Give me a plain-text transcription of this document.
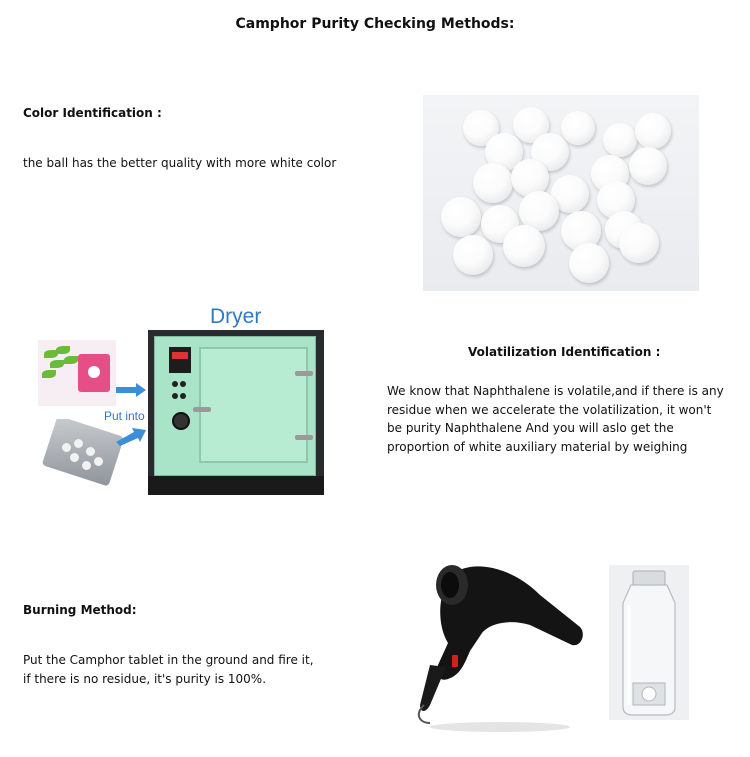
Camphor Purity Checking Methods:
Color Identification :
the ball has the better quality with more white color
Dryer
Put into
Volatilization Identification :
We know that Naphthalene is volatile,and if there is any
residue when we accelerate the volatilization, it won't
be purity Naphthalene And you will aslo get the
proportion of white auxiliary material by weighing
Burning Method:
Put the Camphor tablet in the ground and fire it,
if there is no residue, it's purity is 100%.
